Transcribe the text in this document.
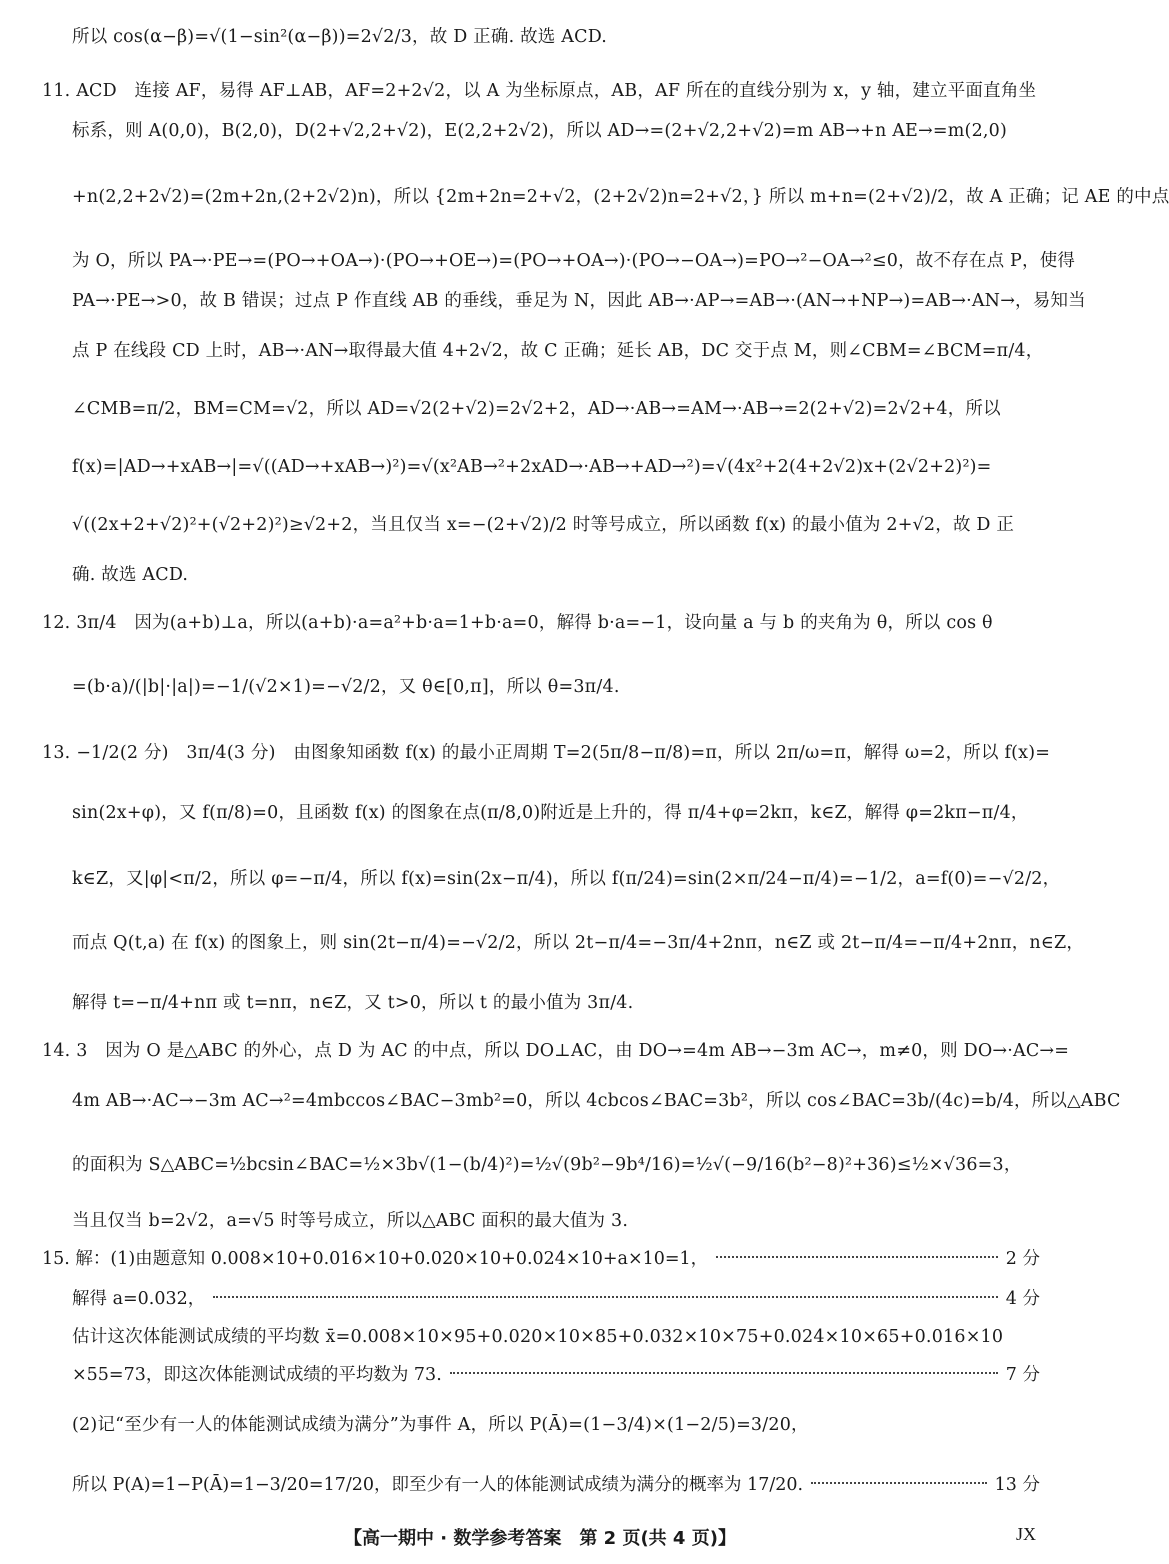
所以 cos(α−β)=√(1−sin²(α−β))=2√2/3，故 D 正确. 故选 ACD.
11. ACD　连接 AF，易得 AF⊥AB，AF=2+2√2，以 A 为坐标原点，AB，AF 所在的直线分别为 x，y 轴，建立平面直角坐
标系，则 A(0,0)，B(2,0)，D(2+√2,2+√2)，E(2,2+2√2)，所以 AD→=(2+√2,2+√2)=m AB→+n AE→=m(2,0)
+n(2,2+2√2)=(2m+2n,(2+2√2)n)，所以 {2m+2n=2+√2，(2+2√2)n=2+√2，} 所以 m+n=(2+√2)/2，故 A 正确；记 AE 的中点
为 O，所以 PA→·PE→=(PO→+OA→)·(PO→+OE→)=(PO→+OA→)·(PO→−OA→)=PO→²−OA→²≤0，故不存在点 P，使得
PA→·PE→>0，故 B 错误；过点 P 作直线 AB 的垂线，垂足为 N，因此 AB→·AP→=AB→·(AN→+NP→)=AB→·AN→，易知当
点 P 在线段 CD 上时，AB→·AN→取得最大值 4+2√2，故 C 正确；延长 AB，DC 交于点 M，则∠CBM=∠BCM=π/4，
∠CMB=π/2，BM=CM=√2，所以 AD=√2(2+√2)=2√2+2，AD→·AB→=AM→·AB→=2(2+√2)=2√2+4，所以
f(x)=|AD→+xAB→|=√((AD→+xAB→)²)=√(x²AB→²+2xAD→·AB→+AD→²)=√(4x²+2(4+2√2)x+(2√2+2)²)=
√((2x+2+√2)²+(√2+2)²)≥√2+2，当且仅当 x=−(2+√2)/2 时等号成立，所以函数 f(x) 的最小值为 2+√2，故 D 正
确. 故选 ACD.
12. 3π/4　因为(a+b)⊥a，所以(a+b)·a=a²+b·a=1+b·a=0，解得 b·a=−1，设向量 a 与 b 的夹角为 θ，所以 cos θ
=(b·a)/(|b|·|a|)=−1/(√2×1)=−√2/2，又 θ∈[0,π]，所以 θ=3π/4.
13. −1/2(2 分)　3π/4(3 分)　由图象知函数 f(x) 的最小正周期 T=2(5π/8−π/8)=π，所以 2π/ω=π，解得 ω=2，所以 f(x)=
sin(2x+φ)，又 f(π/8)=0，且函数 f(x) 的图象在点(π/8,0)附近是上升的，得 π/4+φ=2kπ，k∈Z，解得 φ=2kπ−π/4，
k∈Z，又|φ|<π/2，所以 φ=−π/4，所以 f(x)=sin(2x−π/4)，所以 f(π/24)=sin(2×π/24−π/4)=−1/2，a=f(0)=−√2/2，
而点 Q(t,a) 在 f(x) 的图象上，则 sin(2t−π/4)=−√2/2，所以 2t−π/4=−3π/4+2nπ，n∈Z 或 2t−π/4=−π/4+2nπ，n∈Z，
解得 t=−π/4+nπ 或 t=nπ，n∈Z，又 t>0，所以 t 的最小值为 3π/4.
14. 3　因为 O 是△ABC 的外心，点 D 为 AC 的中点，所以 DO⊥AC，由 DO→=4m AB→−3m AC→，m≠0，则 DO→·AC→=
4m AB→·AC→−3m AC→²=4mbccos∠BAC−3mb²=0，所以 4cbcos∠BAC=3b²，所以 cos∠BAC=3b/(4c)=b/4，所以△ABC
的面积为 S△ABC=½bcsin∠BAC=½×3b√(1−(b/4)²)=½√(9b²−9b⁴/16)=½√(−9/16(b²−8)²+36)≤½×√36=3，
当且仅当 b=2√2，a=√5 时等号成立，所以△ABC 面积的最大值为 3.
15. 解：(1)由题意知 0.008×10+0.016×10+0.020×10+0.024×10+a×10=1，	2 分
解得 a=0.032，	4 分
估计这次体能测试成绩的平均数 x̄=0.008×10×95+0.020×10×85+0.032×10×75+0.024×10×65+0.016×10
×55=73，即这次体能测试成绩的平均数为 73.	7 分
(2)记“至少有一人的体能测试成绩为满分”为事件 A，所以 P(Ā)=(1−3/4)×(1−2/5)=3/20，
所以 P(A)=1−P(Ā)=1−3/20=17/20，即至少有一人的体能测试成绩为满分的概率为 17/20.	13 分
【高一期中 · 数学参考答案　第 2 页(共 4 页)】	JX
